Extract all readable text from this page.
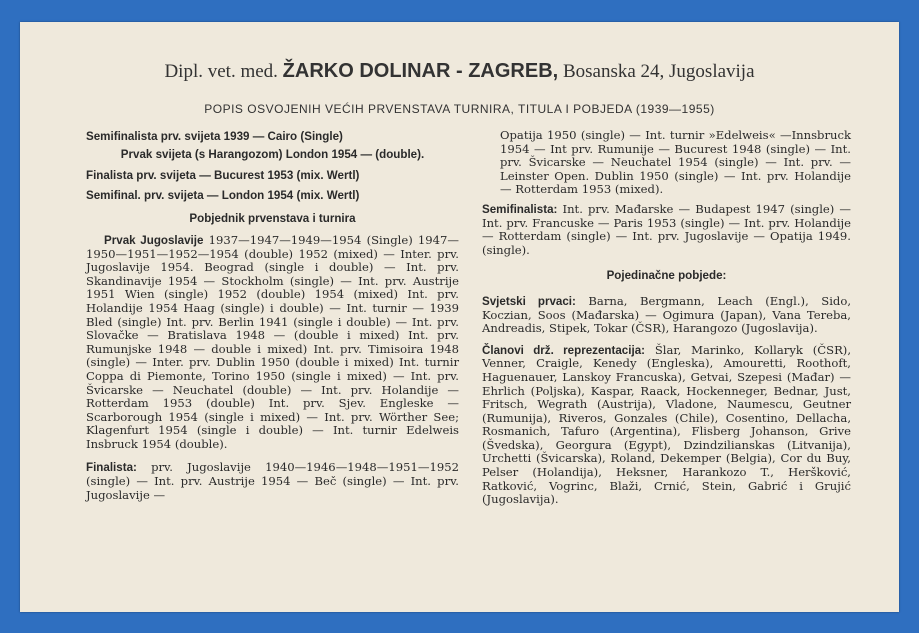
Dipl. vet. med. ŽARKO DOLINAR - ZAGREB, Bosanska 24, Jugoslavija
POPIS OSVOJENIH VEĆIH PRVENSTAVA TURNIRA, TITULA I POBJEDA (1939—1955)

Semifinalista prv. svijeta 1939 — Cairo (Single)

Prvak svijeta (s Harangozom) London 1954 — (double).

Finalista prv. svijeta — Bucurest 1953 (mix. Wertl)

Semifinal. prv. svijeta — London 1954 (mix. Wertl)

Pobjednik prvenstava i turnira

Prvak Jugoslavije 1937—1947—1949—1954 (Single) 1947—1950—1951—1952—1954 (double) 1952 (mixed) — Inter. prv. Jugoslavije 1954. Beograd (single i double) — Int. prv. Skandinavije 1954 — Stockholm (single) — Int. prv. Austrije 1951 Wien (single) 1952 (double) 1954 (mixed) Int. prv. Holandije 1954 Haag (single) i double) — Int. turnir — 1939 Bled (single) Int. prv. Berlin 1941 (single i double) — Int. prv. Slovačke — Bratislava 1948 — (double i mixed) Int. prv. Rumunjske 1948 — double i mixed) Int. prv. Timisoira 1948 (single) — Inter. prv. Dublin 1950 (double i mixed) Int. turnir Coppa di Piemonte, Torino 1950 (single i mixed) — Int. prv. Švicarske — Neuchatel (double) — Int. prv. Holandije — Rotterdam 1953 (double) Int. prv. Sjev. Engleske — Scarborough 1954 (single i mixed) — Int. prv. Wörther See; Klagenfurt 1954 (single i double) — Int. turnir Edelweis Insbruck 1954 (double).

Finalista: prv. Jugoslavije 1940—1946—1948—1951—1952 (single) — Int. prv. Austrije 1954 — Beč (single) — Int. prv. Jugoslavije —

Opatija 1950 (single) — Int. turnir »Edelweis« —Innsbruck 1954 — Int prv. Rumunije — Bucurest 1948 (single) — Int. prv. Švicarske — Neuchatel 1954 (single) — Int. prv. — Leinster Open. Dublin 1950 (single) — Int. prv. Holandije — Rotterdam 1953 (mixed).

Semifinalista: Int. prv. Mađarske — Budapest 1947 (single) — Int. prv. Francuske — Paris 1953 (single) — Int. prv. Holandije — Rotterdam (single) — Int. prv. Jugoslavije — Opatija 1949. (single).

Pojedinačne pobjede:

Svjetski prvaci: Barna, Bergmann, Leach (Engl.), Sido, Koczian, Soos (Mađarska) — Ogimura (Japan), Vana Tereba, Andreadis, Stipek, Tokar (ČSR), Harangozo (Jugoslavija).

Članovi drž. reprezentacija: Šlar, Marinko, Kollaryk (ČSR), Venner, Craigle, Kenedy (Engleska), Amouretti, Roothoft, Haguenauer, Lanskoy Francuska), Getvai, Szepesi (Mađar) — Ehrlich (Poljska), Kaspar, Raack, Hockenneger, Bednar, Just, Fritsch, Wegrath (Austrija), Vladone, Naumescu, Geutner (Rumunija), Riveros, Gonzales (Chile), Cosentino, Dellacha, Rosmanich, Tafuro (Argentina), Flisberg Johanson, Grive (Švedska), Georgura (Egypt), Dzindzilianskas (Litvanija), Urchetti (Švicarska), Roland, Dekemper (Belgia), Cor du Buy, Pelser (Holandija), Heksner, Harankozo T., Heršković, Ratković, Vogrinc, Blaži, Crnić, Stein, Gabrić i Grujić (Jugoslavija).
